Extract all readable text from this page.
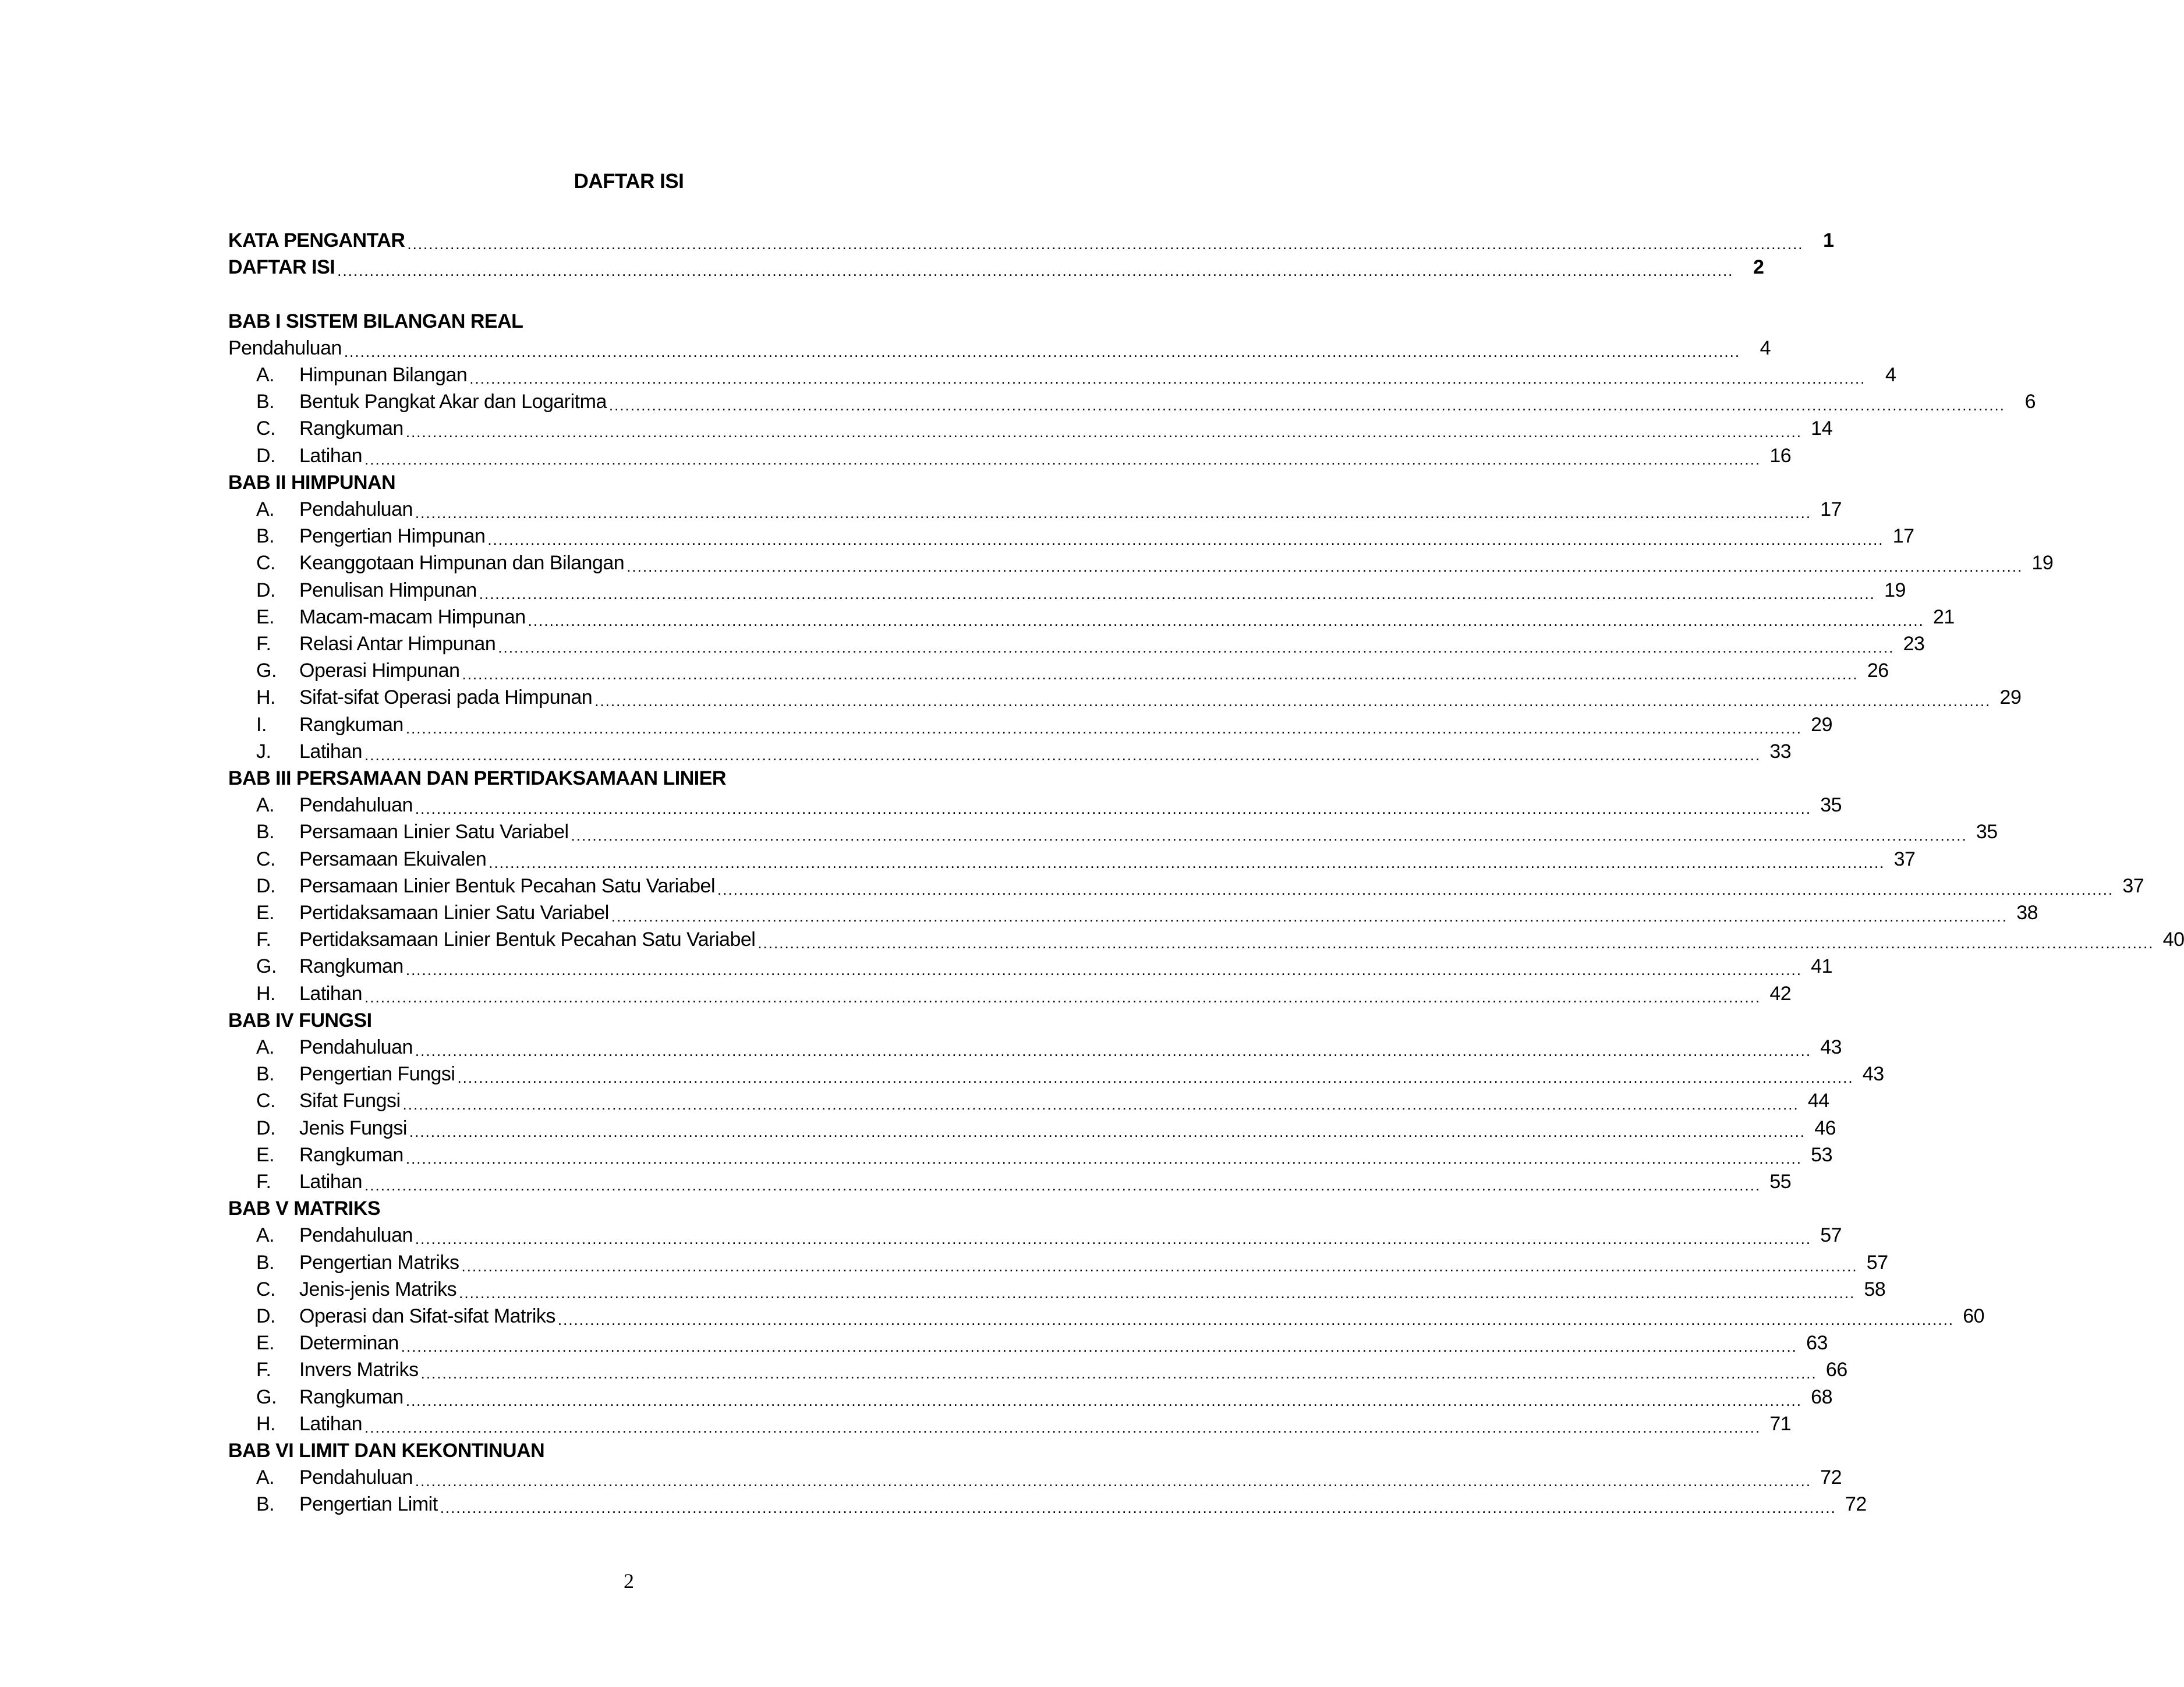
DAFTAR ISI
KATA PENGANTAR .................................................................................................................................................................................................................................................................... 1
DAFTAR ISI .................................................................................................................................................................................................................................................................... 2
BAB I SISTEM BILANGAN REAL
Pendahuluan .................................................................................................................................................................................................................................................................... 4
A.	Himpunan Bilangan .................................................................................................................................................................................................................................................................... 4
B.	Bentuk Pangkat Akar dan Logaritma .................................................................................................................................................................................................................................................................... 6
C.	Rangkuman .................................................................................................................................................................................................................................................................... 14
D.	Latihan .................................................................................................................................................................................................................................................................... 16
BAB II HIMPUNAN
A.	Pendahuluan .................................................................................................................................................................................................................................................................... 17
B.	Pengertian Himpunan .................................................................................................................................................................................................................................................................... 17
C.	Keanggotaan Himpunan dan Bilangan .................................................................................................................................................................................................................................................................... 19
D.	Penulisan Himpunan .................................................................................................................................................................................................................................................................... 19
E.	Macam-macam Himpunan .................................................................................................................................................................................................................................................................... 21
F.	Relasi Antar Himpunan .................................................................................................................................................................................................................................................................... 23
G.	Operasi Himpunan .................................................................................................................................................................................................................................................................... 26
H.	Sifat-sifat Operasi pada Himpunan .................................................................................................................................................................................................................................................................... 29
I.	Rangkuman .................................................................................................................................................................................................................................................................... 29
J.	Latihan .................................................................................................................................................................................................................................................................... 33
BAB III PERSAMAAN DAN PERTIDAKSAMAAN LINIER
A.	Pendahuluan .................................................................................................................................................................................................................................................................... 35
B.	Persamaan Linier Satu Variabel .................................................................................................................................................................................................................................................................... 35
C.	Persamaan Ekuivalen .................................................................................................................................................................................................................................................................... 37
D.	Persamaan Linier Bentuk Pecahan Satu Variabel .................................................................................................................................................................................................................................................................... 37
E.	Pertidaksamaan Linier Satu Variabel .................................................................................................................................................................................................................................................................... 38
F.	Pertidaksamaan Linier Bentuk Pecahan Satu Variabel .................................................................................................................................................................................................................................................................... 40
G.	Rangkuman .................................................................................................................................................................................................................................................................... 41
H.	Latihan .................................................................................................................................................................................................................................................................... 42
BAB IV FUNGSI
A.	Pendahuluan .................................................................................................................................................................................................................................................................... 43
B.	Pengertian Fungsi .................................................................................................................................................................................................................................................................... 43
C.	Sifat Fungsi .................................................................................................................................................................................................................................................................... 44
D.	Jenis Fungsi .................................................................................................................................................................................................................................................................... 46
E.	Rangkuman .................................................................................................................................................................................................................................................................... 53
F.	Latihan .................................................................................................................................................................................................................................................................... 55
BAB V MATRIKS
A.	Pendahuluan .................................................................................................................................................................................................................................................................... 57
B.	Pengertian Matriks .................................................................................................................................................................................................................................................................... 57
C.	Jenis-jenis Matriks .................................................................................................................................................................................................................................................................... 58
D.	Operasi dan Sifat-sifat Matriks .................................................................................................................................................................................................................................................................... 60
E.	Determinan .................................................................................................................................................................................................................................................................... 63
F.	Invers Matriks .................................................................................................................................................................................................................................................................... 66
G.	Rangkuman .................................................................................................................................................................................................................................................................... 68
H.	Latihan .................................................................................................................................................................................................................................................................... 71
BAB VI LIMIT DAN KEKONTINUAN
A.	Pendahuluan .................................................................................................................................................................................................................................................................... 72
B.	Pengertian Limit .................................................................................................................................................................................................................................................................... 72
2
